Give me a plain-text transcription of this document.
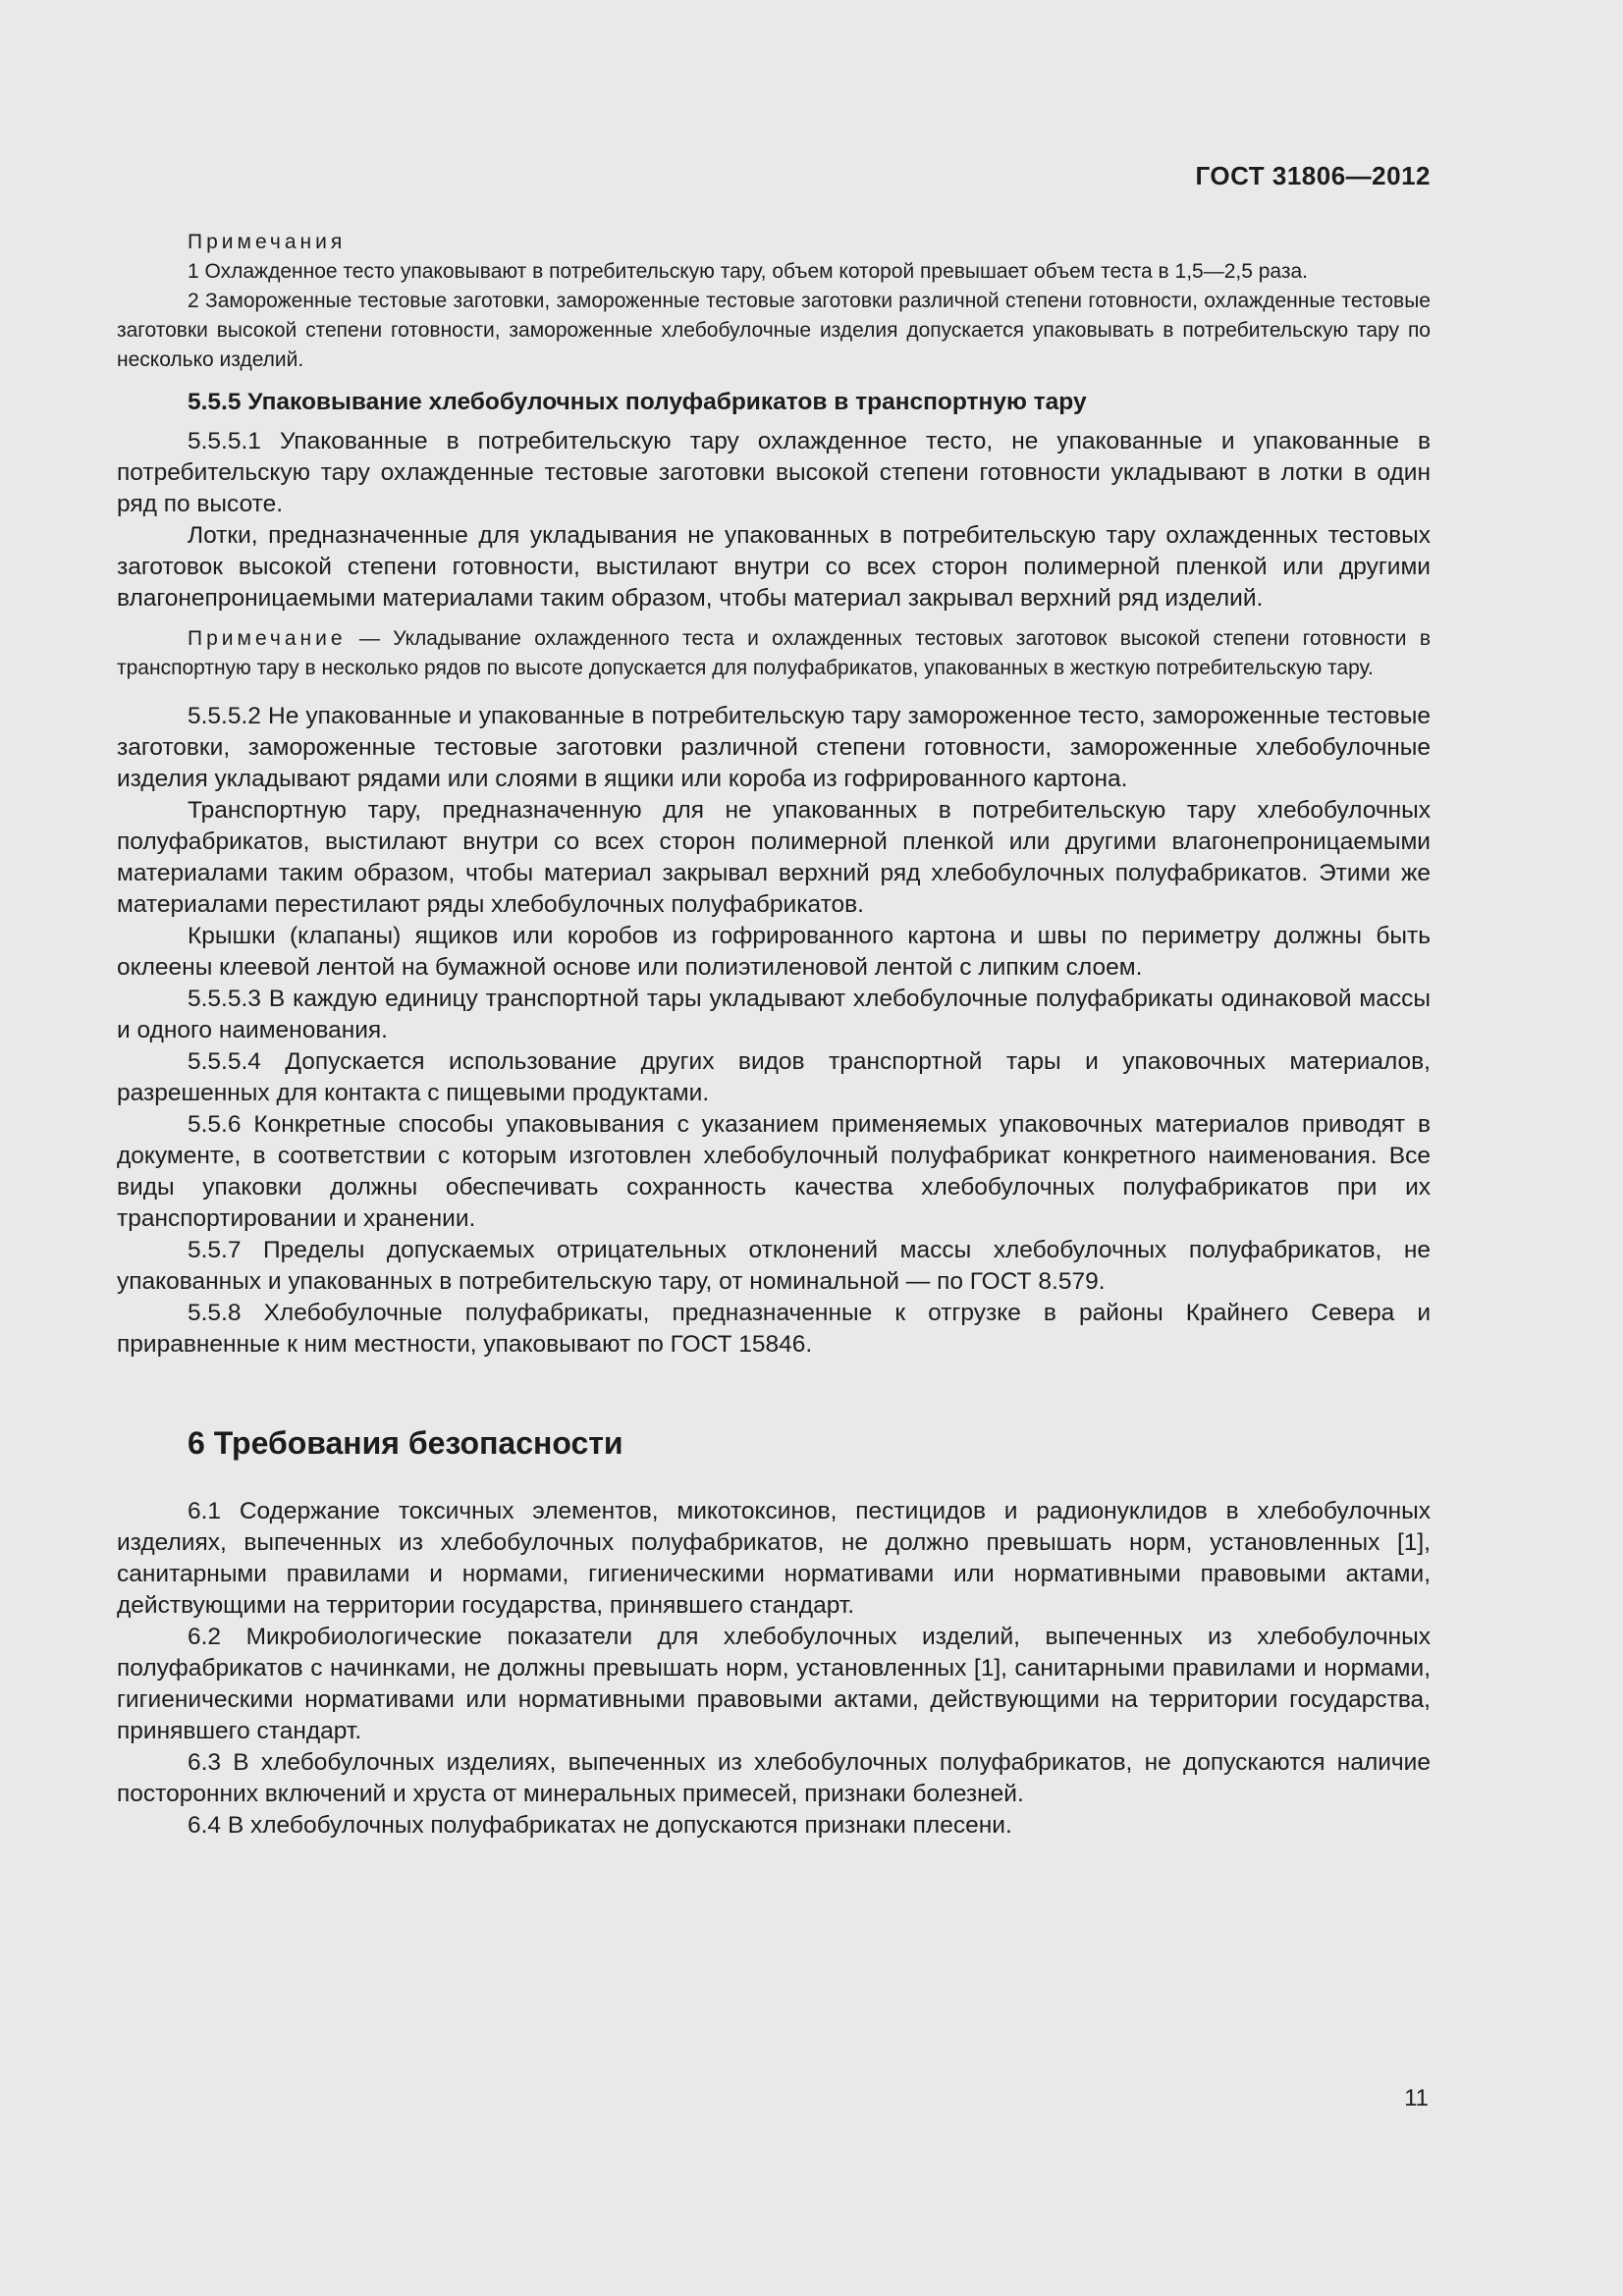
ГОСТ 31806—2012

Примечания

1 Охлажденное тесто упаковывают в потребительскую тару, объем которой превышает объем теста в 1,5—2,5 раза.

2 Замороженные тестовые заготовки, замороженные тестовые заготовки различной степени готовности, охлажденные тестовые заготовки высокой степени готовности, замороженные хлебобулочные изделия допускается упаковывать в потребительскую тару по несколько изделий.

5.5.5 Упаковывание хлебобулочных полуфабрикатов в транспортную тару

5.5.5.1 Упакованные в потребительскую тару охлажденное тесто, не упакованные и упакованные в потребительскую тару охлажденные тестовые заготовки высокой степени готовности укладывают в лотки в один ряд по высоте.

Лотки, предназначенные для укладывания не упакованных в потребительскую тару охлажденных тестовых заготовок высокой степени готовности, выстилают внутри со всех сторон полимерной пленкой или другими влагонепроницаемыми материалами таким образом, чтобы материал закрывал верхний ряд изделий.

Примечание — Укладывание охлажденного теста и охлажденных тестовых заготовок высокой степени готовности в транспортную тару в несколько рядов по высоте допускается для полуфабрикатов, упакованных в жесткую потребительскую тару.

5.5.5.2 Не упакованные и упакованные в потребительскую тару замороженное тесто, замороженные тестовые заготовки, замороженные тестовые заготовки различной степени готовности, замороженные хлебобулочные изделия укладывают рядами или слоями в ящики или короба из гофрированного картона.

Транспортную тару, предназначенную для не упакованных в потребительскую тару хлебобулочных полуфабрикатов, выстилают внутри со всех сторон полимерной пленкой или другими влагонепроницаемыми материалами таким образом, чтобы материал закрывал верхний ряд хлебобулочных полуфабрикатов. Этими же материалами перестилают ряды хлебобулочных полуфабрикатов.

Крышки (клапаны) ящиков или коробов из гофрированного картона и швы по периметру должны быть оклеены клеевой лентой на бумажной основе или полиэтиленовой лентой с липким слоем.

5.5.5.3 В каждую единицу транспортной тары укладывают хлебобулочные полуфабрикаты одинаковой массы и одного наименования.

5.5.5.4 Допускается использование других видов транспортной тары и упаковочных материалов, разрешенных для контакта с пищевыми продуктами.

5.5.6 Конкретные способы упаковывания с указанием применяемых упаковочных материалов приводят в документе, в соответствии с которым изготовлен хлебобулочный полуфабрикат конкретного наименования. Все виды упаковки должны обеспечивать сохранность качества хлебобулочных полуфабрикатов при их транспортировании и хранении.

5.5.7 Пределы допускаемых отрицательных отклонений массы хлебобулочных полуфабрикатов, не упакованных и упакованных в потребительскую тару, от номинальной — по ГОСТ 8.579.

5.5.8 Хлебобулочные полуфабрикаты, предназначенные к отгрузке в районы Крайнего Севера и приравненные к ним местности, упаковывают по ГОСТ 15846.

6 Требования безопасности

6.1 Содержание токсичных элементов, микотоксинов, пестицидов и радионуклидов в хлебобулочных изделиях, выпеченных из хлебобулочных полуфабрикатов, не должно превышать норм, установленных [1], санитарными правилами и нормами, гигиеническими нормативами или нормативными правовыми актами, действующими на территории государства, принявшего стандарт.

6.2 Микробиологические показатели для хлебобулочных изделий, выпеченных из хлебобулочных полуфабрикатов с начинками, не должны превышать норм, установленных [1], санитарными правилами и нормами, гигиеническими нормативами или нормативными правовыми актами, действующими на территории государства, принявшего стандарт.

6.3 В хлебобулочных изделиях, выпеченных из хлебобулочных полуфабрикатов, не допускаются наличие посторонних включений и хруста от минеральных примесей, признаки болезней.

6.4 В хлебобулочных полуфабрикатах не допускаются признаки плесени.

11
